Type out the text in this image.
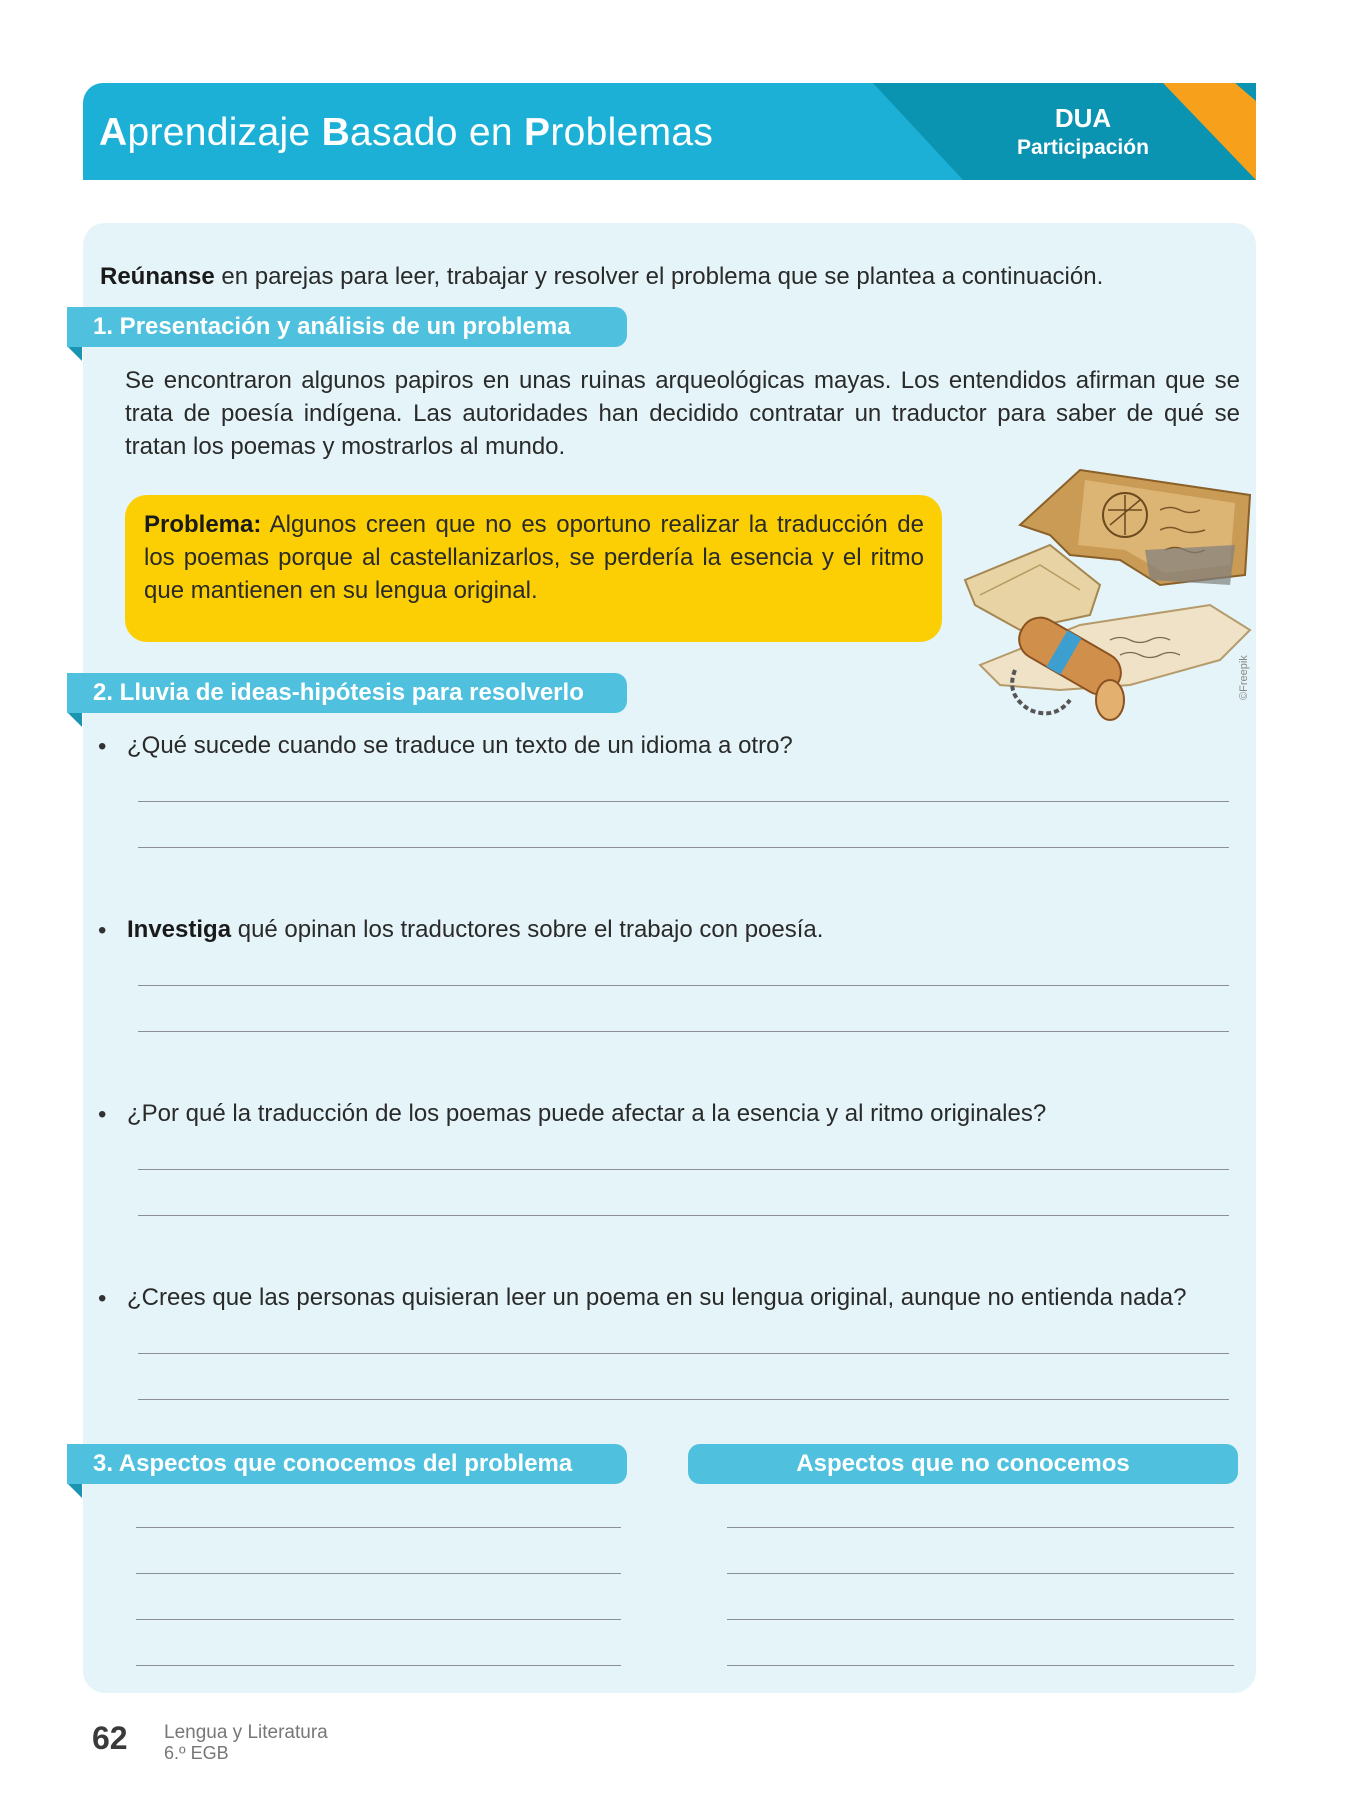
Aprendizaje Basado en Problemas	DUA
Participación
Reúnanse en parejas para leer, trabajar y resolver el problema que se plantea a continuación.
1. Presentación y análisis de un problema
Se encontraron algunos papiros en unas ruinas arqueológicas mayas. Los entendidos afirman que se trata de poesía indígena. Las autoridades han decidido contratar un traductor para saber de qué se tratan los poemas y mostrarlos al mundo.
Problema: Algunos creen que no es oportuno realizar la traducción de los poemas porque al castellanizarlos, se perdería la esencia y el ritmo que mantienen en su lengua original.
©Freepik
2. Lluvia de ideas-hipótesis para resolverlo
• ¿Qué sucede cuando se traduce un texto de un idioma a otro?
• Investiga qué opinan los traductores sobre el trabajo con poesía.
• ¿Por qué la traducción de los poemas puede afectar a la esencia y al ritmo originales?
• ¿Crees que las personas quisieran leer un poema en su lengua original, aunque no entienda nada?
3. Aspectos que conocemos del problema	Aspectos que no conocemos
62 Lengua y Literatura
6.º EGB
